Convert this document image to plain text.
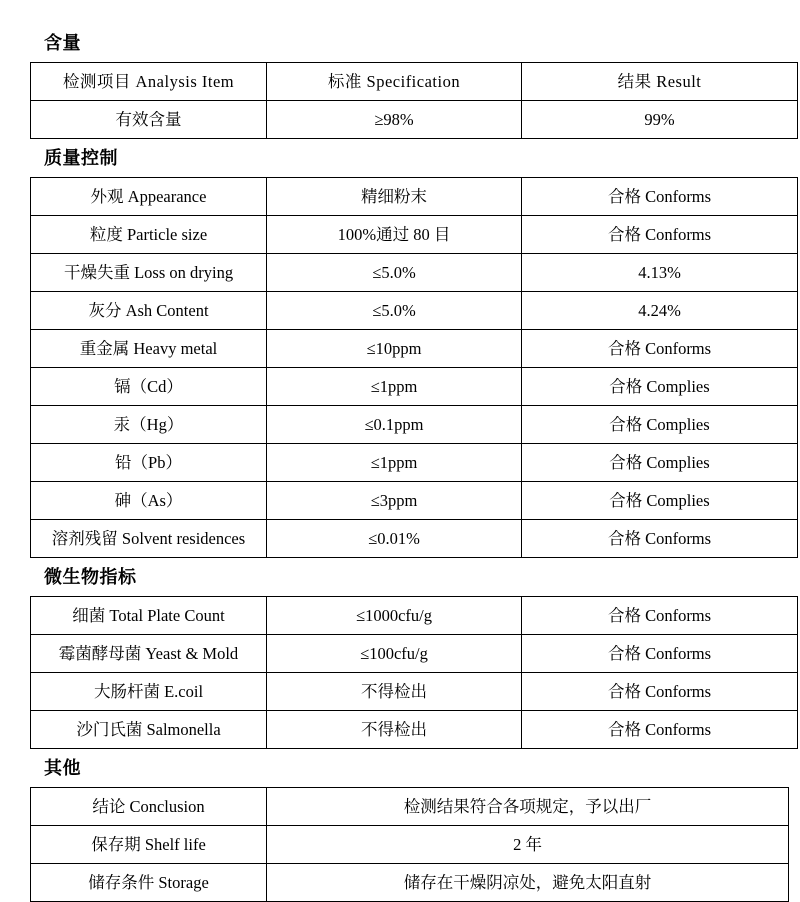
含量
检测项目 Analysis Item	标准 Specification	结果 Result
有效含量	≥98%	99%
质量控制
外观 Appearance	精细粉末	合格 Conforms
粒度 Particle size	100%通过 80 目	合格 Conforms
干燥失重 Loss on drying	≤5.0%	4.13%
灰分 Ash Content	≤5.0%	4.24%
重金属 Heavy metal	≤10ppm	合格 Conforms
镉（Cd）	≤1ppm	合格 Complies
汞（Hg）	≤0.1ppm	合格 Complies
铅（Pb）	≤1ppm	合格 Complies
砷（As）	≤3ppm	合格 Complies
溶剂残留 Solvent residences	≤0.01%	合格 Conforms
微生物指标
细菌 Total Plate Count	≤1000cfu/g	合格 Conforms
霉菌酵母菌 Yeast & Mold	≤100cfu/g	合格 Conforms
大肠杆菌 E.coil	不得检出	合格 Conforms
沙门氏菌 Salmonella	不得检出	合格 Conforms
其他
结论 Conclusion	检测结果符合各项规定，予以出厂
保存期 Shelf life	2 年
储存条件 Storage	储存在干燥阴凉处，避免太阳直射
